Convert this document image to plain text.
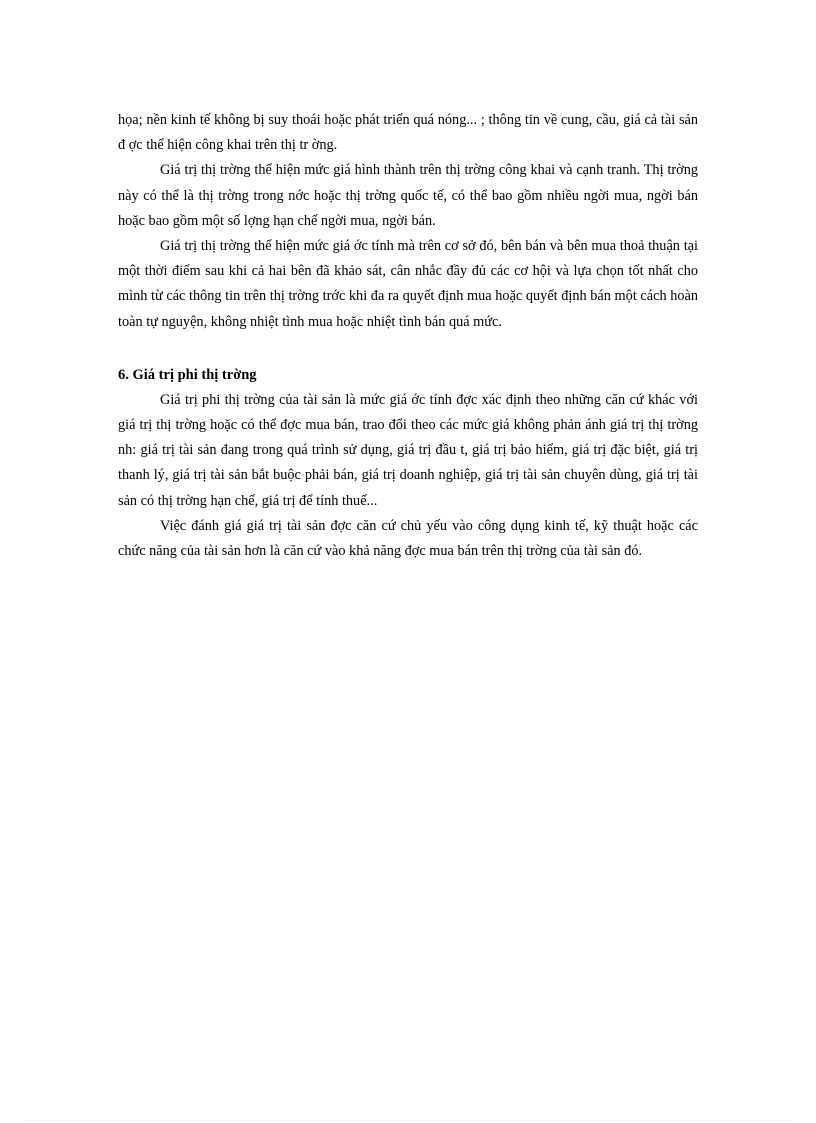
họa; nền kinh tế không bị suy thoái hoặc phát triển quá nóng... ; thông tin về cung, cầu, giá cả tài sản đ ợc thể hiện công khai trên thị tr ờng.

Giá trị thị trờng thể hiện mức giá hình thành trên thị trờng công khai và cạnh tranh. Thị trờng này có thể là thị trờng trong nớc hoặc thị trờng quốc tế, có thể bao gồm nhiều ngời mua, ngời bán hoặc bao gồm một số lợng hạn chế ngời mua, ngời bán.

Giá trị thị trờng thể hiện mức giá ớc tính mà trên cơ sở đó, bên bán và bên mua thoả thuận tại một thời điểm sau khi cả hai bên đã khảo sát, cân nhắc đầy đủ các cơ hội và lựa chọn tốt nhất cho mình từ các thông tin trên thị trờng trớc khi đa ra quyết định mua hoặc quyết định bán một cách hoàn toàn tự nguyện, không nhiệt tình mua hoặc nhiệt tình bán quá mức.

6. Giá trị phi thị trờng

Giá trị phi thị trờng của tài sản là mức giá ớc tính đợc xác định theo những căn cứ khác với giá trị thị trờng hoặc có thể đợc mua bán, trao đổi theo các mức giá không phản ánh giá trị thị trờng nh: giá trị tài sản đang trong quá trình sử dụng, giá trị đầu t, giá trị bảo hiểm, giá trị đặc biệt, giá trị thanh lý, giá trị tài sản bắt buộc phải bán, giá trị doanh nghiệp, giá trị tài sản chuyên dùng, giá trị tài sản có thị trờng hạn chế, giá trị để tính thuế...

Việc đánh giá giá trị tài sản đợc căn cứ chủ yếu vào công dụng kinh tế, kỹ thuật hoặc các chức năng của tài sản hơn là căn cứ vào khả năng đợc mua bán trên thị trờng của tài sản đó.
